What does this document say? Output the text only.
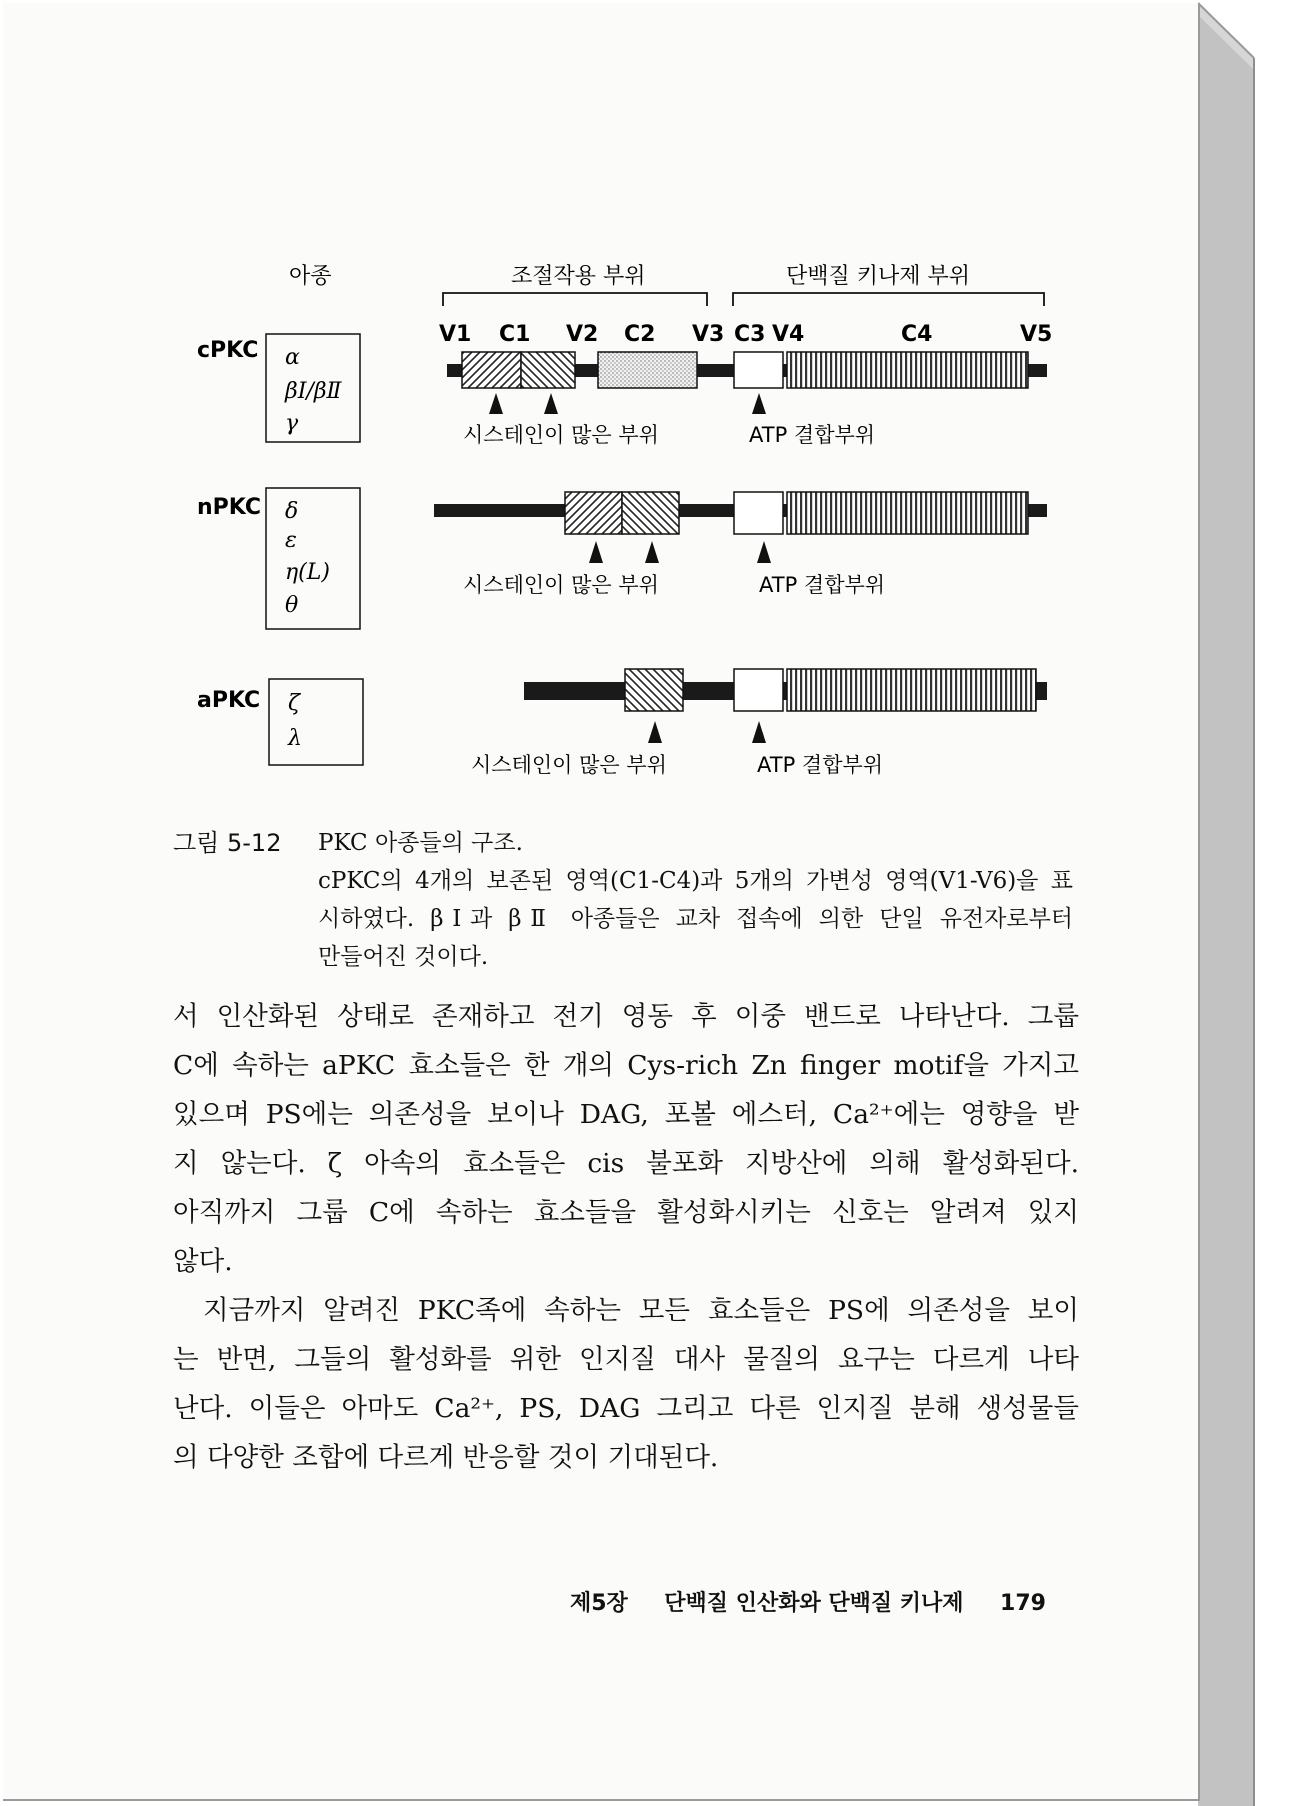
아종	조절작용 부위	단백질 키나제 부위
V1 C1 V2 C2 V3 C3 V4	C4	V5
cPKC α
βⅠ/βⅡ
γ	시스테인이 많은 부위	ATP 결합부위
nPKC δ
ε
η(L)
θ
시스테인이 많은 부위	ATP 결합부위
aPKC ζ
λ
시스테인이 많은 부위	ATP 결합부위
그림 5-12	PKC 아종들의 구조.
cPKC의 4개의 보존된 영역(C1-C4)과 5개의 가변성 영역(V1-V6)을 표
시하였다. βⅠ과 βⅡ 아종들은 교차 접속에 의한 단일 유전자로부터
만들어진 것이다.
서 인산화된 상태로 존재하고 전기 영동 후 이중 밴드로 나타난다. 그룹
C에 속하는 aPKC 효소들은 한 개의 Cys-rich Zn finger motif을 가지고
있으며 PS에는 의존성을 보이나 DAG, 포볼 에스터, Ca²⁺에는 영향을 받
지 않는다. ζ 아속의 효소들은 cis 불포화 지방산에 의해 활성화된다.
아직까지 그룹 C에 속하는 효소들을 활성화시키는 신호는 알려져 있지
않다.
지금까지 알려진 PKC족에 속하는 모든 효소들은 PS에 의존성을 보이
는 반면, 그들의 활성화를 위한 인지질 대사 물질의 요구는 다르게 나타
난다. 이들은 아마도 Ca²⁺, PS, DAG 그리고 다른 인지질 분해 생성물들
의 다양한 조합에 다르게 반응할 것이 기대된다.
제5장 단백질 인산화와 단백질 키나제 179
